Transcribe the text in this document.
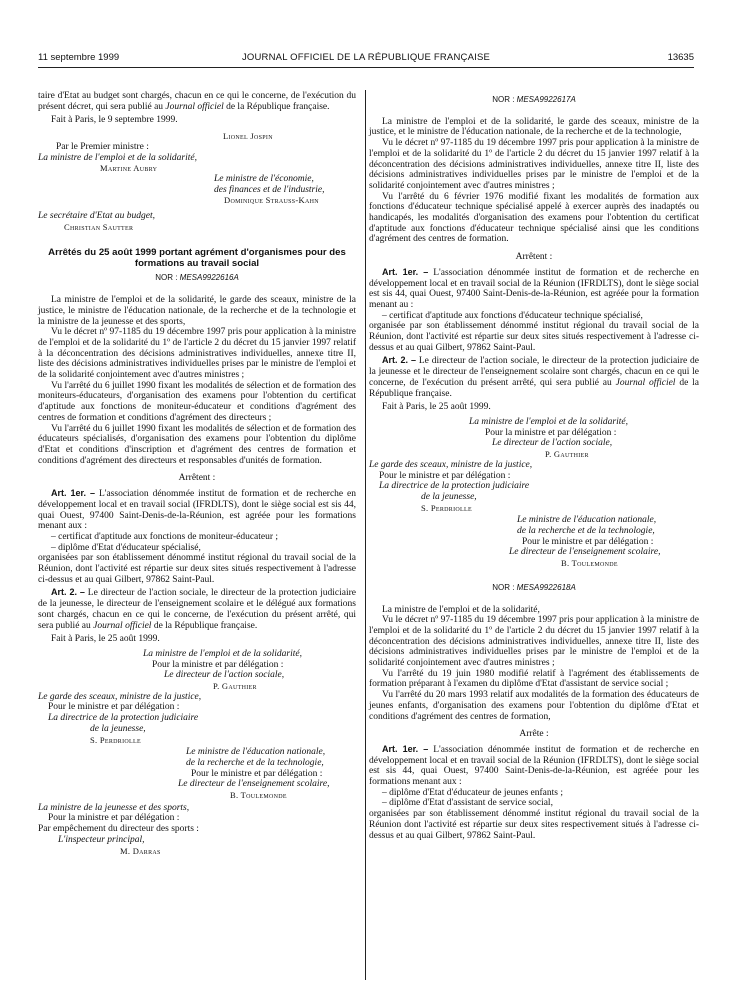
11 septembre 1999	JOURNAL OFFICIEL DE LA RÉPUBLIQUE FRANÇAISE	13635

taire d'Etat au budget sont chargés, chacun en ce qui le concerne, de l'exécution du présent décret, qui sera publié au Journal officiel de la République française.

Fait à Paris, le 9 septembre 1999.

Lionel Jospin

Par le Premier ministre :

La ministre de l'emploi et de la solidarité,

Martine Aubry

Le ministre de l'économie,

des finances et de l'industrie,

Dominique Strauss-Kahn

Le secrétaire d'Etat au budget,

Christian Sautter

Arrêtés du 25 août 1999 portant agrément d'organismes pour des formations au travail social

NOR : MESA9922616A

La ministre de l'emploi et de la solidarité, le garde des sceaux, ministre de la justice, le ministre de l'éducation nationale, de la recherche et de la technologie et la ministre de la jeunesse et des sports,

Vu le décret nº 97-1185 du 19 décembre 1997 pris pour application à la ministre de l'emploi et de la solidarité du 1º de l'article 2 du décret du 15 janvier 1997 relatif à la déconcentration des décisions administratives individuelles, annexe titre II, liste des décisions administratives individuelles prises par le ministre de l'emploi et de la solidarité conjointement avec d'autres ministres ;

Vu l'arrêté du 6 juillet 1990 fixant les modalités de sélection et de formation des moniteurs-éducateurs, d'organisation des examens pour l'obtention du certificat d'aptitude aux fonctions de moniteur-éducateur et conditions d'agrément des centres de formation et conditions d'agrément des directeurs ;

Vu l'arrêté du 6 juillet 1990 fixant les modalités de sélection et de formation des éducateurs spécialisés, d'organisation des examens pour l'obtention du diplôme d'Etat et conditions d'inscription et d'agrément des centres de formation et conditions d'agrément des directeurs et responsables d'unités de formation.

Arrêtent :

Art. 1er. – L'association dénommée institut de formation et de recherche en développement local et en travail social (IFRDLTS), dont le siège social est sis 44, quai Ouest, 97400 Saint-Denis-de-la-Réunion, est agréée pour les formations menant aux :

– certificat d'aptitude aux fonctions de moniteur-éducateur ;

– diplôme d'Etat d'éducateur spécialisé,

organisées par son établissement dénommé institut régional du travail social de la Réunion, dont l'activité est répartie sur deux sites situés respectivement à l'adresse ci-dessus et au quai Gilbert, 97862 Saint-Paul.

Art. 2. – Le directeur de l'action sociale, le directeur de la protection judiciaire de la jeunesse, le directeur de l'enseignement scolaire et le délégué aux formations sont chargés, chacun en ce qui le concerne, de l'exécution du présent arrêté, qui sera publié au Journal officiel de la République française.

Fait à Paris, le 25 août 1999.

La ministre de l'emploi et de la solidarité,

Pour la ministre et par délégation :

Le directeur de l'action sociale,

P. Gauthier

Le garde des sceaux, ministre de la justice,

Pour le ministre et par délégation :

La directrice de la protection judiciaire

de la jeunesse,

S. Perdriolle

Le ministre de l'éducation nationale,

de la recherche et de la technologie,

Pour le ministre et par délégation :

Le directeur de l'enseignement scolaire,

B. Toulemonde

La ministre de la jeunesse et des sports,

Pour la ministre et par délégation :

Par empêchement du directeur des sports :

L'inspecteur principal,

M. Darras

NOR : MESA9922617A

La ministre de l'emploi et de la solidarité, le garde des sceaux, ministre de la justice, et le ministre de l'éducation nationale, de la recherche et de la technologie,

Vu le décret nº 97-1185 du 19 décembre 1997 pris pour application à la ministre de l'emploi et de la solidarité du 1º de l'article 2 du décret du 15 janvier 1997 relatif à la déconcentration des décisions administratives individuelles, annexe titre II, liste des décisions administratives individuelles prises par le ministre de l'emploi et de la solidarité conjointement avec d'autres ministres ;

Vu l'arrêté du 6 février 1976 modifié fixant les modalités de formation aux fonctions d'éducateur technique spécialisé appelé à exercer auprès des inadaptés ou handicapés, les modalités d'organisation des examens pour l'obtention du certificat d'aptitude aux fonctions d'éducateur technique spécialisé ainsi que les conditions d'agrément des centres de formation.

Arrêtent :

Art. 1er. – L'association dénommée institut de formation et de recherche en développement local et en travail social de la Réunion (IFRDLTS), dont le siège social est sis 44, quai Ouest, 97400 Saint-Denis-de-la-Réunion, est agréée pour la formation menant au :

– certificat d'aptitude aux fonctions d'éducateur technique spécialisé,

organisée par son établissement dénommé institut régional du travail social de la Réunion, dont l'activité est répartie sur deux sites situés respectivement à l'adresse ci-dessus et au quai Gilbert, 97862 Saint-Paul.

Art. 2. – Le directeur de l'action sociale, le directeur de la protection judiciaire de la jeunesse et le directeur de l'enseignement scolaire sont chargés, chacun en ce qui le concerne, de l'exécution du présent arrêté, qui sera publié au Journal officiel de la République française.

Fait à Paris, le 25 août 1999.

La ministre de l'emploi et de la solidarité,

Pour la ministre et par délégation :

Le directeur de l'action sociale,

P. Gauthier

Le garde des sceaux, ministre de la justice,

Pour le ministre et par délégation :

La directrice de la protection judiciaire

de la jeunesse,

S. Perdriolle

Le ministre de l'éducation nationale,

de la recherche et de la technologie,

Pour le ministre et par délégation :

Le directeur de l'enseignement scolaire,

B. Toulemonde

NOR : MESA9922618A

La ministre de l'emploi et de la solidarité,

Vu le décret nº 97-1185 du 19 décembre 1997 pris pour application à la ministre de l'emploi et de la solidarité du 1º de l'article 2 du décret du 15 janvier 1997 relatif à la déconcentration des décisions administratives individuelles, annexe titre II, liste des décisions administratives individuelles prises par le ministre de l'emploi et de la solidarité conjointement avec d'autres ministres ;

Vu l'arrêté du 19 juin 1980 modifié relatif à l'agrément des établissements de formation préparant à l'examen du diplôme d'Etat d'assistant de service social ;

Vu l'arrêté du 20 mars 1993 relatif aux modalités de la formation des éducateurs de jeunes enfants, d'organisation des examens pour l'obtention du diplôme d'Etat et conditions d'agrément des centres de formation,

Arrête :

Art. 1er. – L'association dénommée institut de formation et de recherche en développement local et en travail social de la Réunion (IFRDLTS), dont le siège social est sis 44, quai Ouest, 97400 Saint-Denis-de-la-Réunion, est agréée pour les formations menant aux :

– diplôme d'Etat d'éducateur de jeunes enfants ;

– diplôme d'Etat d'assistant de service social,

organisées par son établissement dénommé institut régional du travail social de la Réunion dont l'activité est répartie sur deux sites respectivement situés à l'adresse ci-dessus et au quai Gilbert, 97862 Saint-Paul.
